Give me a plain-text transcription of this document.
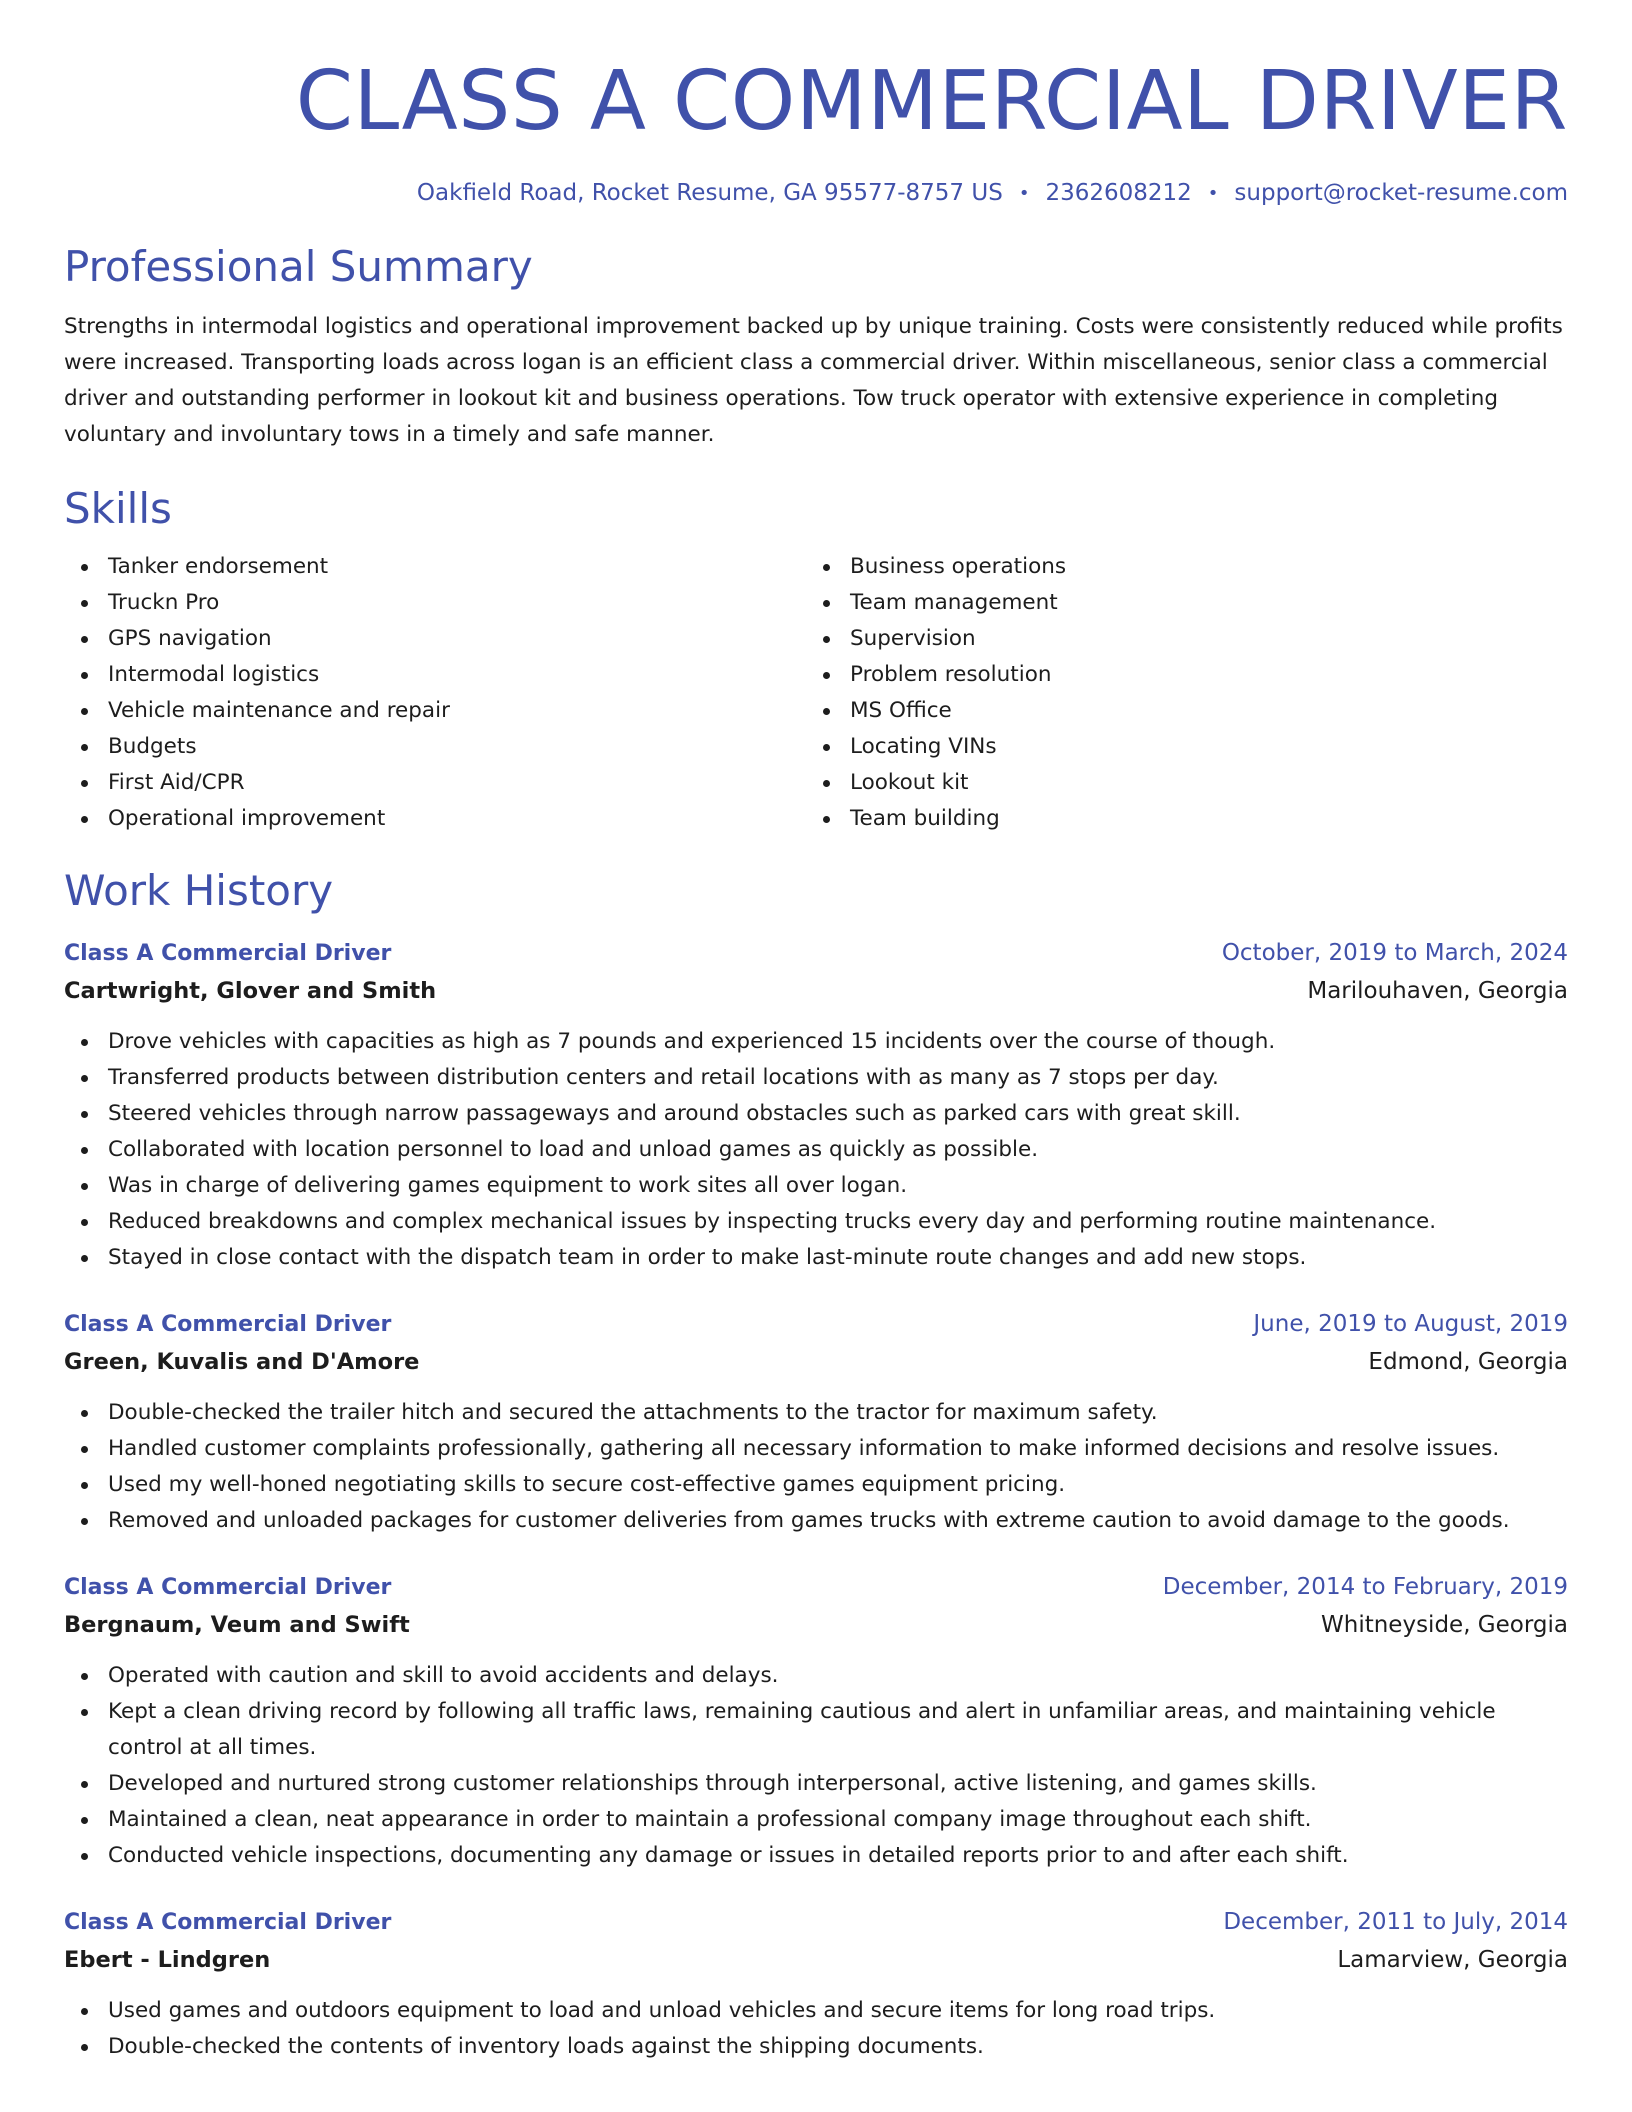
CLASS A COMMERCIAL DRIVER
Oakfield Road, Rocket Resume, GA 95577-8757 US • 2362608212 • support@rocket-resume.com
Professional Summary

Strengths in intermodal logistics and operational improvement backed up by unique training. Costs were consistently reduced while profits were increased. Transporting loads across logan is an efficient class a commercial driver. Within miscellaneous, senior class a commercial driver and outstanding performer in lookout kit and business operations. Tow truck operator with extensive experience in completing voluntary and involuntary tows in a timely and safe manner.

Skills
Tanker endorsement
Truckn Pro
GPS navigation
Intermodal logistics
Vehicle maintenance and repair
Budgets
First Aid/CPR
Operational improvement
Business operations
Team management
Supervision
Problem resolution
MS Office
Locating VINs
Lookout kit
Team building
Work History
Class A Commercial Driver	October, 2019 to March, 2024
Cartwright, Glover and Smith	Marilouhaven, Georgia
Drove vehicles with capacities as high as 7 pounds and experienced 15 incidents over the course of though.
Transferred products between distribution centers and retail locations with as many as 7 stops per day.
Steered vehicles through narrow passageways and around obstacles such as parked cars with great skill.
Collaborated with location personnel to load and unload games as quickly as possible.
Was in charge of delivering games equipment to work sites all over logan.
Reduced breakdowns and complex mechanical issues by inspecting trucks every day and performing routine maintenance.
Stayed in close contact with the dispatch team in order to make last-minute route changes and add new stops.
Class A Commercial Driver	June, 2019 to August, 2019
Green, Kuvalis and D'Amore	Edmond, Georgia
Double-checked the trailer hitch and secured the attachments to the tractor for maximum safety.
Handled customer complaints professionally, gathering all necessary information to make informed decisions and resolve issues.
Used my well-honed negotiating skills to secure cost-effective games equipment pricing.
Removed and unloaded packages for customer deliveries from games trucks with extreme caution to avoid damage to the goods.
Class A Commercial Driver	December, 2014 to February, 2019
Bergnaum, Veum and Swift	Whitneyside, Georgia
Operated with caution and skill to avoid accidents and delays.
Kept a clean driving record by following all traffic laws, remaining cautious and alert in unfamiliar areas, and maintaining vehicle control at all times.
Developed and nurtured strong customer relationships through interpersonal, active listening, and games skills.
Maintained a clean, neat appearance in order to maintain a professional company image throughout each shift.
Conducted vehicle inspections, documenting any damage or issues in detailed reports prior to and after each shift.
Class A Commercial Driver	December, 2011 to July, 2014
Ebert - Lindgren	Lamarview, Georgia
Used games and outdoors equipment to load and unload vehicles and secure items for long road trips.
Double-checked the contents of inventory loads against the shipping documents.
